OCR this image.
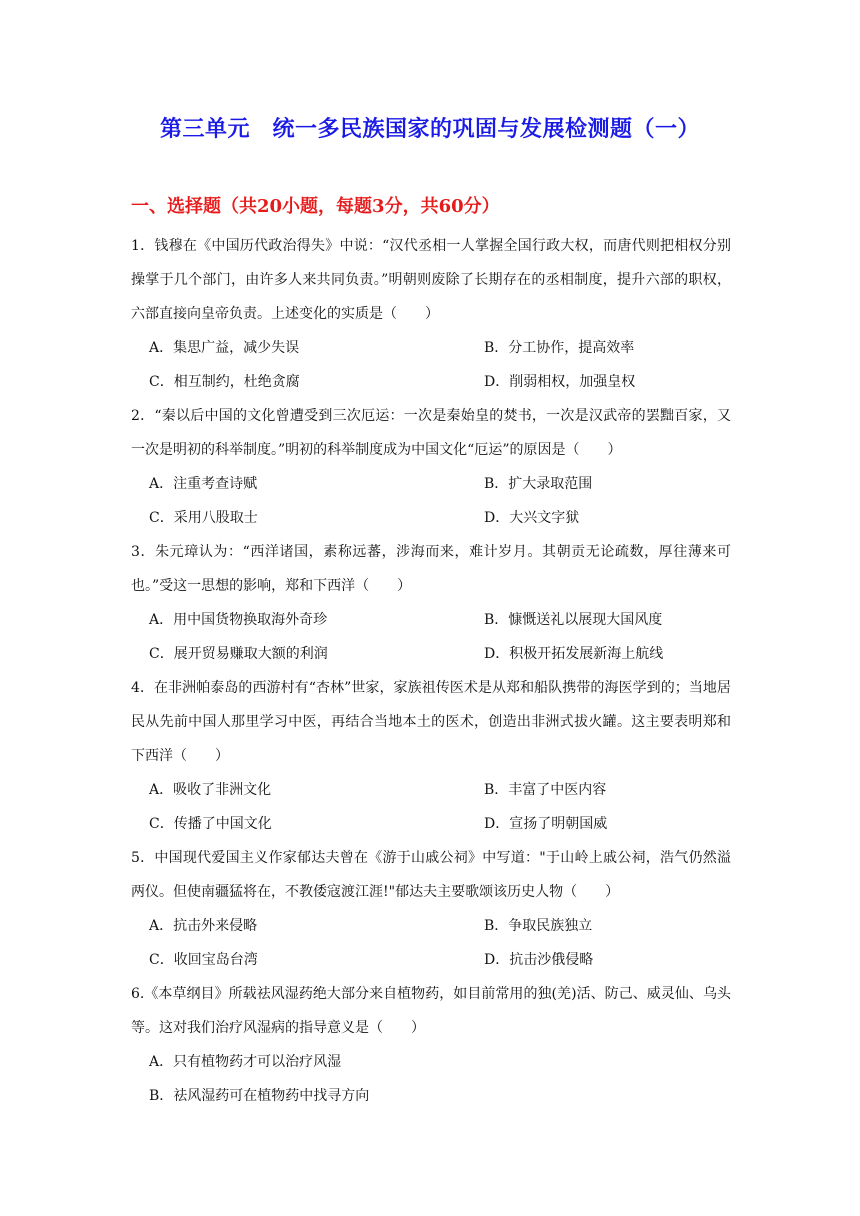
第三单元　统一多民族国家的巩固与发展检测题（一）
一、选择题（共20小题，每题3分，共60分）
1．钱穆在《中国历代政治得失》中说：“汉代丞相一人掌握全国行政大权，而唐代则把相权分别操掌于几个部门，由许多人来共同负责。”明朝则废除了长期存在的丞相制度，提升六部的职权，六部直接向皇帝负责。上述变化的实质是（　　）
A．集思广益，减少失误	B．分工协作，提高效率
C．相互制约，杜绝贪腐	D．削弱相权，加强皇权
2．“秦以后中国的文化曾遭受到三次厄运：一次是秦始皇的焚书，一次是汉武帝的罢黜百家，又一次是明初的科举制度。”明初的科举制度成为中国文化“厄运”的原因是（　　）
A．注重考查诗赋	B．扩大录取范围
C．采用八股取士	D．大兴文字狱
3．朱元璋认为：“西洋诸国，素称远蕃，涉海而来，难计岁月。其朝贡无论疏数，厚往薄来可也。”受这一思想的影响，郑和下西洋（　　）
A．用中国货物换取海外奇珍	B．慷慨送礼以展现大国风度
C．展开贸易赚取大额的利润	D．积极开拓发展新海上航线
4．在非洲帕泰岛的西游村有“杏林”世家，家族祖传医术是从郑和船队携带的海医学到的；当地居民从先前中国人那里学习中医，再结合当地本土的医术，创造出非洲式拔火罐。这主要表明郑和下西洋（　　）
A．吸收了非洲文化	B．丰富了中医内容
C．传播了中国文化	D．宣扬了明朝国威
5．中国现代爱国主义作家郁达夫曾在《游于山戚公祠》中写道："于山岭上戚公祠，浩气仍然溢两仪。但使南疆猛将在，不教倭寇渡江涯!"郁达夫主要歌颂该历史人物（　　）
A．抗击外来侵略	B．争取民族独立
C．收回宝岛台湾	D．抗击沙俄侵略
6.《本草纲目》所载祛风湿药绝大部分来自植物药，如目前常用的独(羌)活、防己、威灵仙、乌头等。这对我们治疗风湿病的指导意义是（　　）
A．只有植物药才可以治疗风湿
B．祛风湿药可在植物药中找寻方向
